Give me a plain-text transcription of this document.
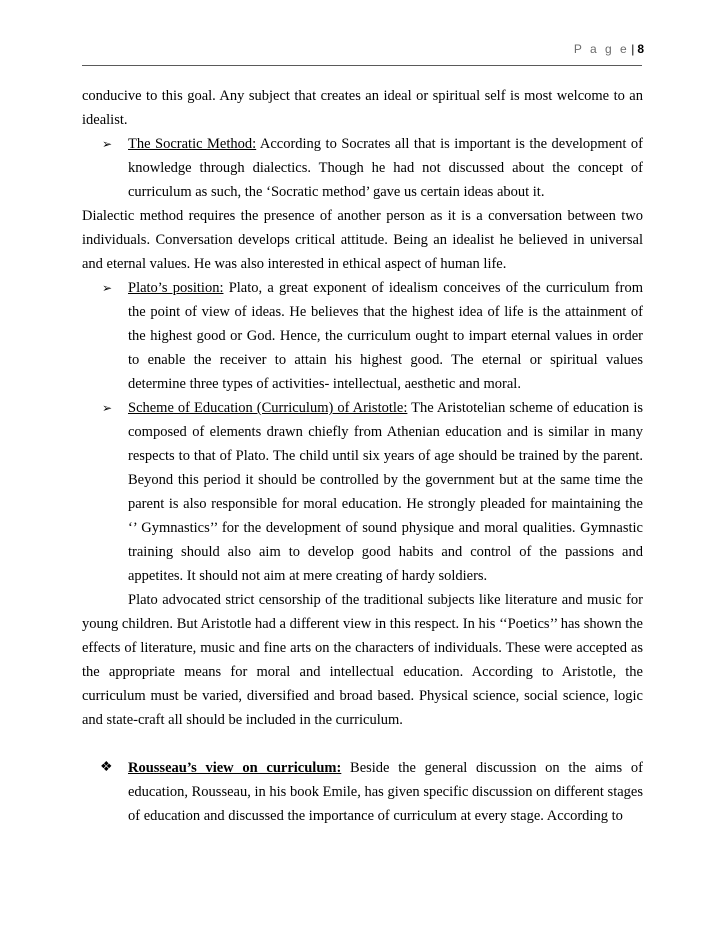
P a g e | 8

conducive to this goal. Any subject that creates an ideal or spiritual self is most welcome to an idealist.

➢ The Socratic Method: According to Socrates all that is important is the development of knowledge through dialectics. Though he had not discussed about the concept of curriculum as such, the ‘Socratic method’ gave us certain ideas about it.

Dialectic method requires the presence of another person as it is a conversation between two individuals. Conversation develops critical attitude. Being an idealist he believed in universal and eternal values. He was also interested in ethical aspect of human life.

➢ Plato’s position: Plato, a great exponent of idealism conceives of the curriculum from the point of view of ideas. He believes that the highest idea of life is the attainment of the highest good or God. Hence, the curriculum ought to impart eternal values in order to enable the receiver to attain his highest good. The eternal or spiritual values determine three types of activities- intellectual, aesthetic and moral.

➢ Scheme of Education (Curriculum) of Aristotle: The Aristotelian scheme of education is composed of elements drawn chiefly from Athenian education and is similar in many respects to that of Plato. The child until six years of age should be trained by the parent. Beyond this period it should be controlled by the government but at the same time the parent is also responsible for moral education. He strongly pleaded for maintaining the ‘’ Gymnastics’’ for the development of sound physique and moral qualities. Gymnastic training should also aim to develop good habits and control of the passions and appetites. It should not aim at mere creating of hardy soldiers.

Plato advocated strict censorship of the traditional subjects like literature and music for young children. But Aristotle had a different view in this respect. In his ‘‘Poetics’’ has shown the effects of literature, music and fine arts on the characters of individuals. These were accepted as the appropriate means for moral and intellectual education. According to Aristotle, the curriculum must be varied, diversified and broad based. Physical science, social science, logic and state-craft all should be included in the curriculum.

❖ Rousseau’s view on curriculum: Beside the general discussion on the aims of education, Rousseau, in his book Emile, has given specific discussion on different stages of education and discussed the importance of curriculum at every stage. According to
